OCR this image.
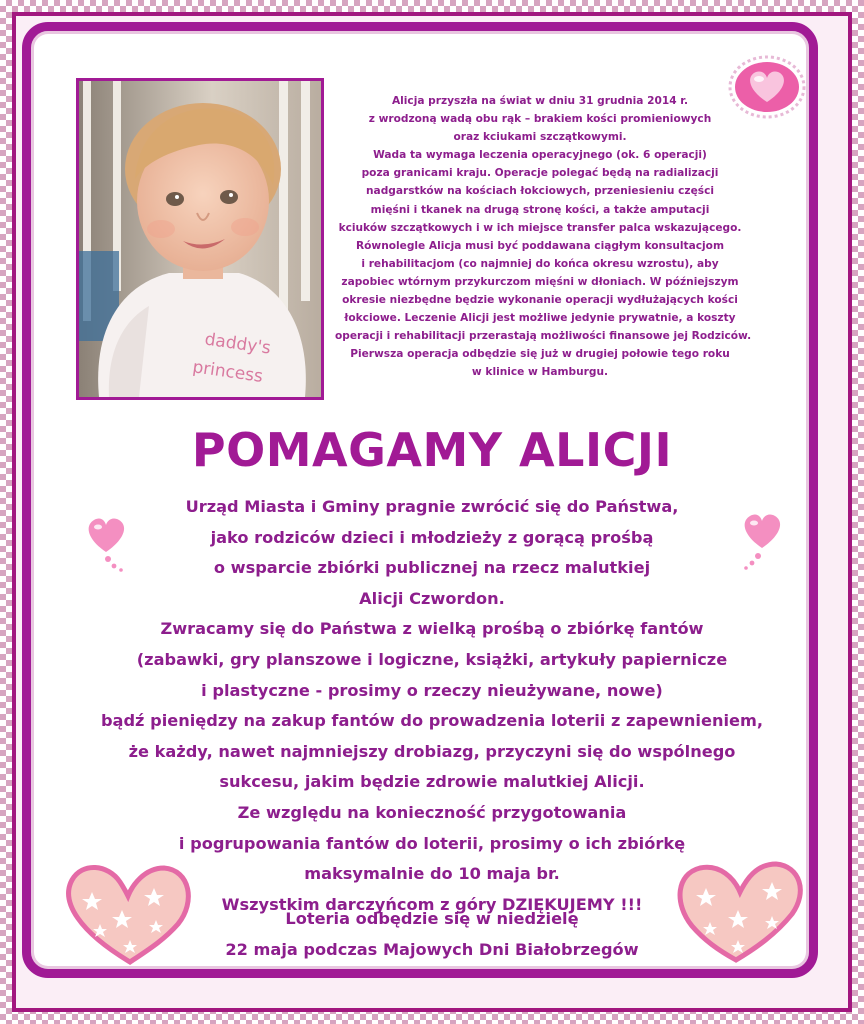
daddy's
princess

Alicja przyszła na świat w dniu 31 grudnia 2014 r.
z wrodzoną wadą obu rąk – brakiem kości promieniowych
oraz kciukami szczątkowymi.
Wada ta wymaga leczenia operacyjnego (ok. 6 operacji)
poza granicami kraju. Operacje polegać będą na radializacji
nadgarstków na kościach łokciowych, przeniesieniu części
mięśni i tkanek na drugą stronę kości, a także amputacji
kciuków szczątkowych i w ich miejsce transfer palca wskazującego.
Równolegle Alicja musi być poddawana ciągłym konsultacjom
i rehabilitacjom (co najmniej do końca okresu wzrostu), aby
zapobiec wtórnym przykurczom mięśni w dłoniach. W późniejszym
okresie niezbędne będzie wykonanie operacji wydłużających kości
łokciowe. Leczenie Alicji jest możliwe jedynie prywatnie, a koszty
operacji i rehabilitacji przerastają możliwości finansowe jej Rodziców.
Pierwsza operacja odbędzie się już w drugiej połowie tego roku
w klinice w Hamburgu.

POMAGAMY ALICJI

Urząd Miasta i Gminy pragnie zwrócić się do Państwa,
jako rodziców dzieci i młodzieży z gorącą prośbą
o wsparcie zbiórki publicznej na rzecz malutkiej
Alicji Czwordon.
Zwracamy się do Państwa z wielką prośbą o zbiórkę fantów
(zabawki, gry planszowe i logiczne, książki, artykuły papiernicze
i plastyczne - prosimy o rzeczy nieużywane, nowe)
bądź pieniędzy na zakup fantów do prowadzenia loterii z zapewnieniem,
że każdy, nawet najmniejszy drobiazg, przyczyni się do wspólnego
sukcesu, jakim będzie zdrowie malutkiej Alicji.
Ze względu na konieczność przygotowania
i pogrupowania fantów do loterii, prosimy o ich zbiórkę
maksymalnie do 10 maja br.
Wszystkim darczyńcom z góry DZIĘKUJEMY !!!

Loteria odbędzie się w niedzielę
22 maja podczas Majowych Dni Białobrzegów
